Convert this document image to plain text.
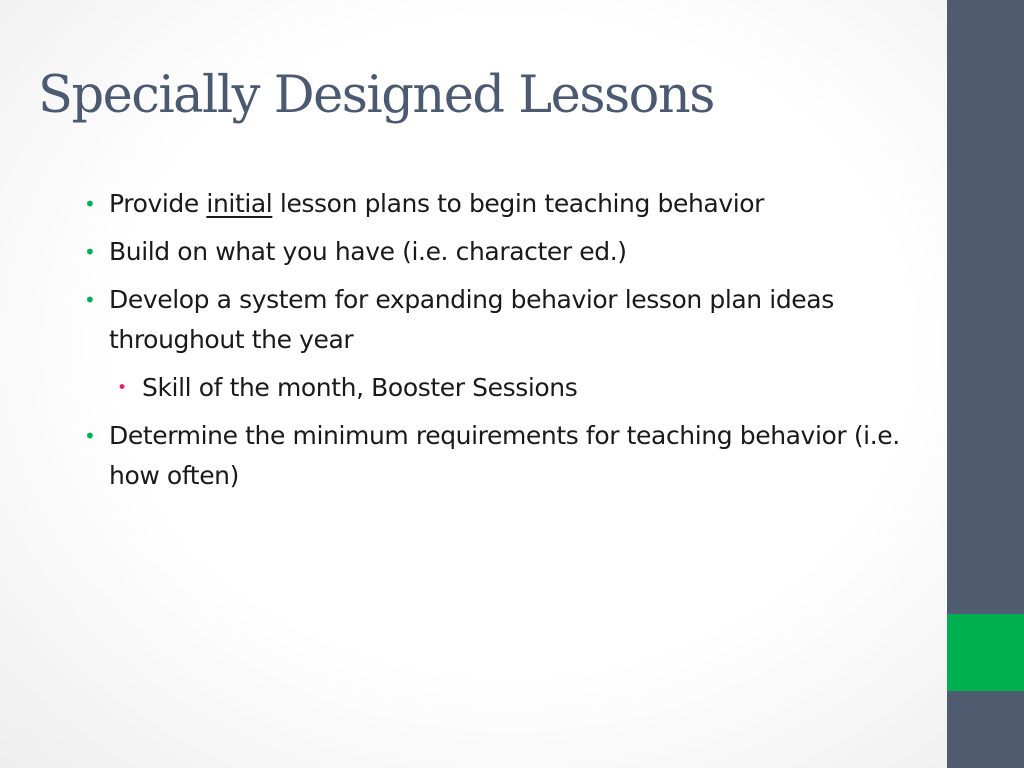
Specially Designed Lessons
• Provide initial lesson plans to begin teaching behavior
• Build on what you have (i.e. character ed.)
• Develop a system for expanding behavior lesson plan ideas throughout the year
• Skill of the month, Booster Sessions
• Determine the minimum requirements for teaching behavior (i.e. how often)
